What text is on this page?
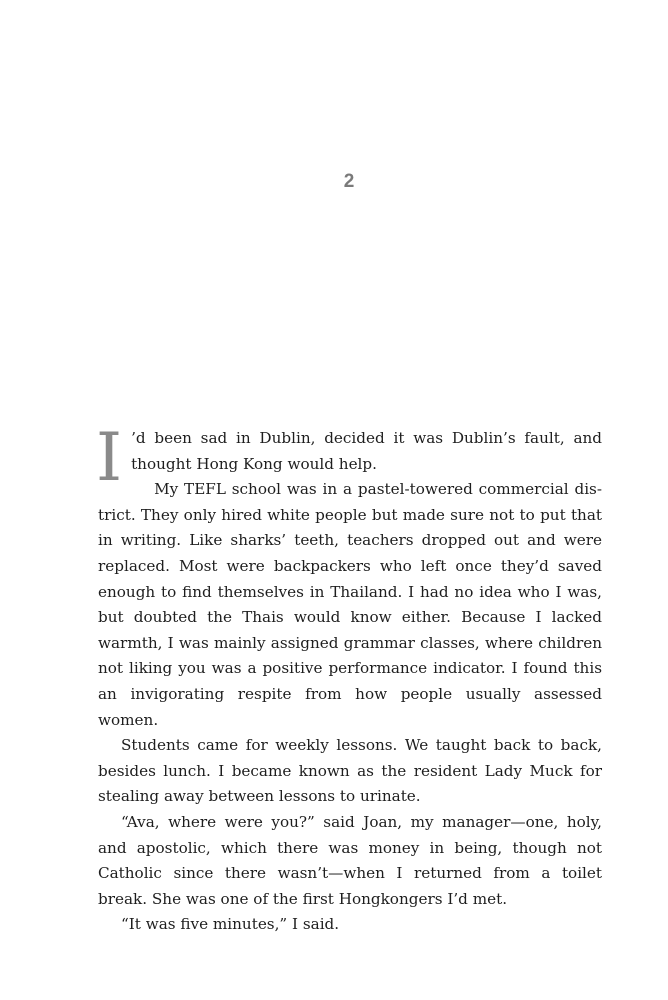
2

I ’d been sad in Dublin, decided it was Dublin’s fault, and thought Hong Kong would help.

My TEFL school was in a pastel-towered commercial district. They only hired white people but made sure not to put that in writing. Like sharks’ teeth, teachers dropped out and were replaced. Most were backpackers who left once they’d saved enough to find themselves in Thailand. I had no idea who I was, but doubted the Thais would know either. Because I lacked warmth, I was mainly assigned grammar classes, where children not liking you was a positive performance indicator. I found this an invigorating respite from how people usually assessed women.

Students came for weekly lessons. We taught back to back, besides lunch. I became known as the resident Lady Muck for stealing away between lessons to urinate.

“Ava, where were you?” said Joan, my manager—one, holy, and apostolic, which there was money in being, though not Catholic since there wasn’t—when I returned from a toilet break. She was one of the first Hongkongers I’d met.

“It was five minutes,” I said.
